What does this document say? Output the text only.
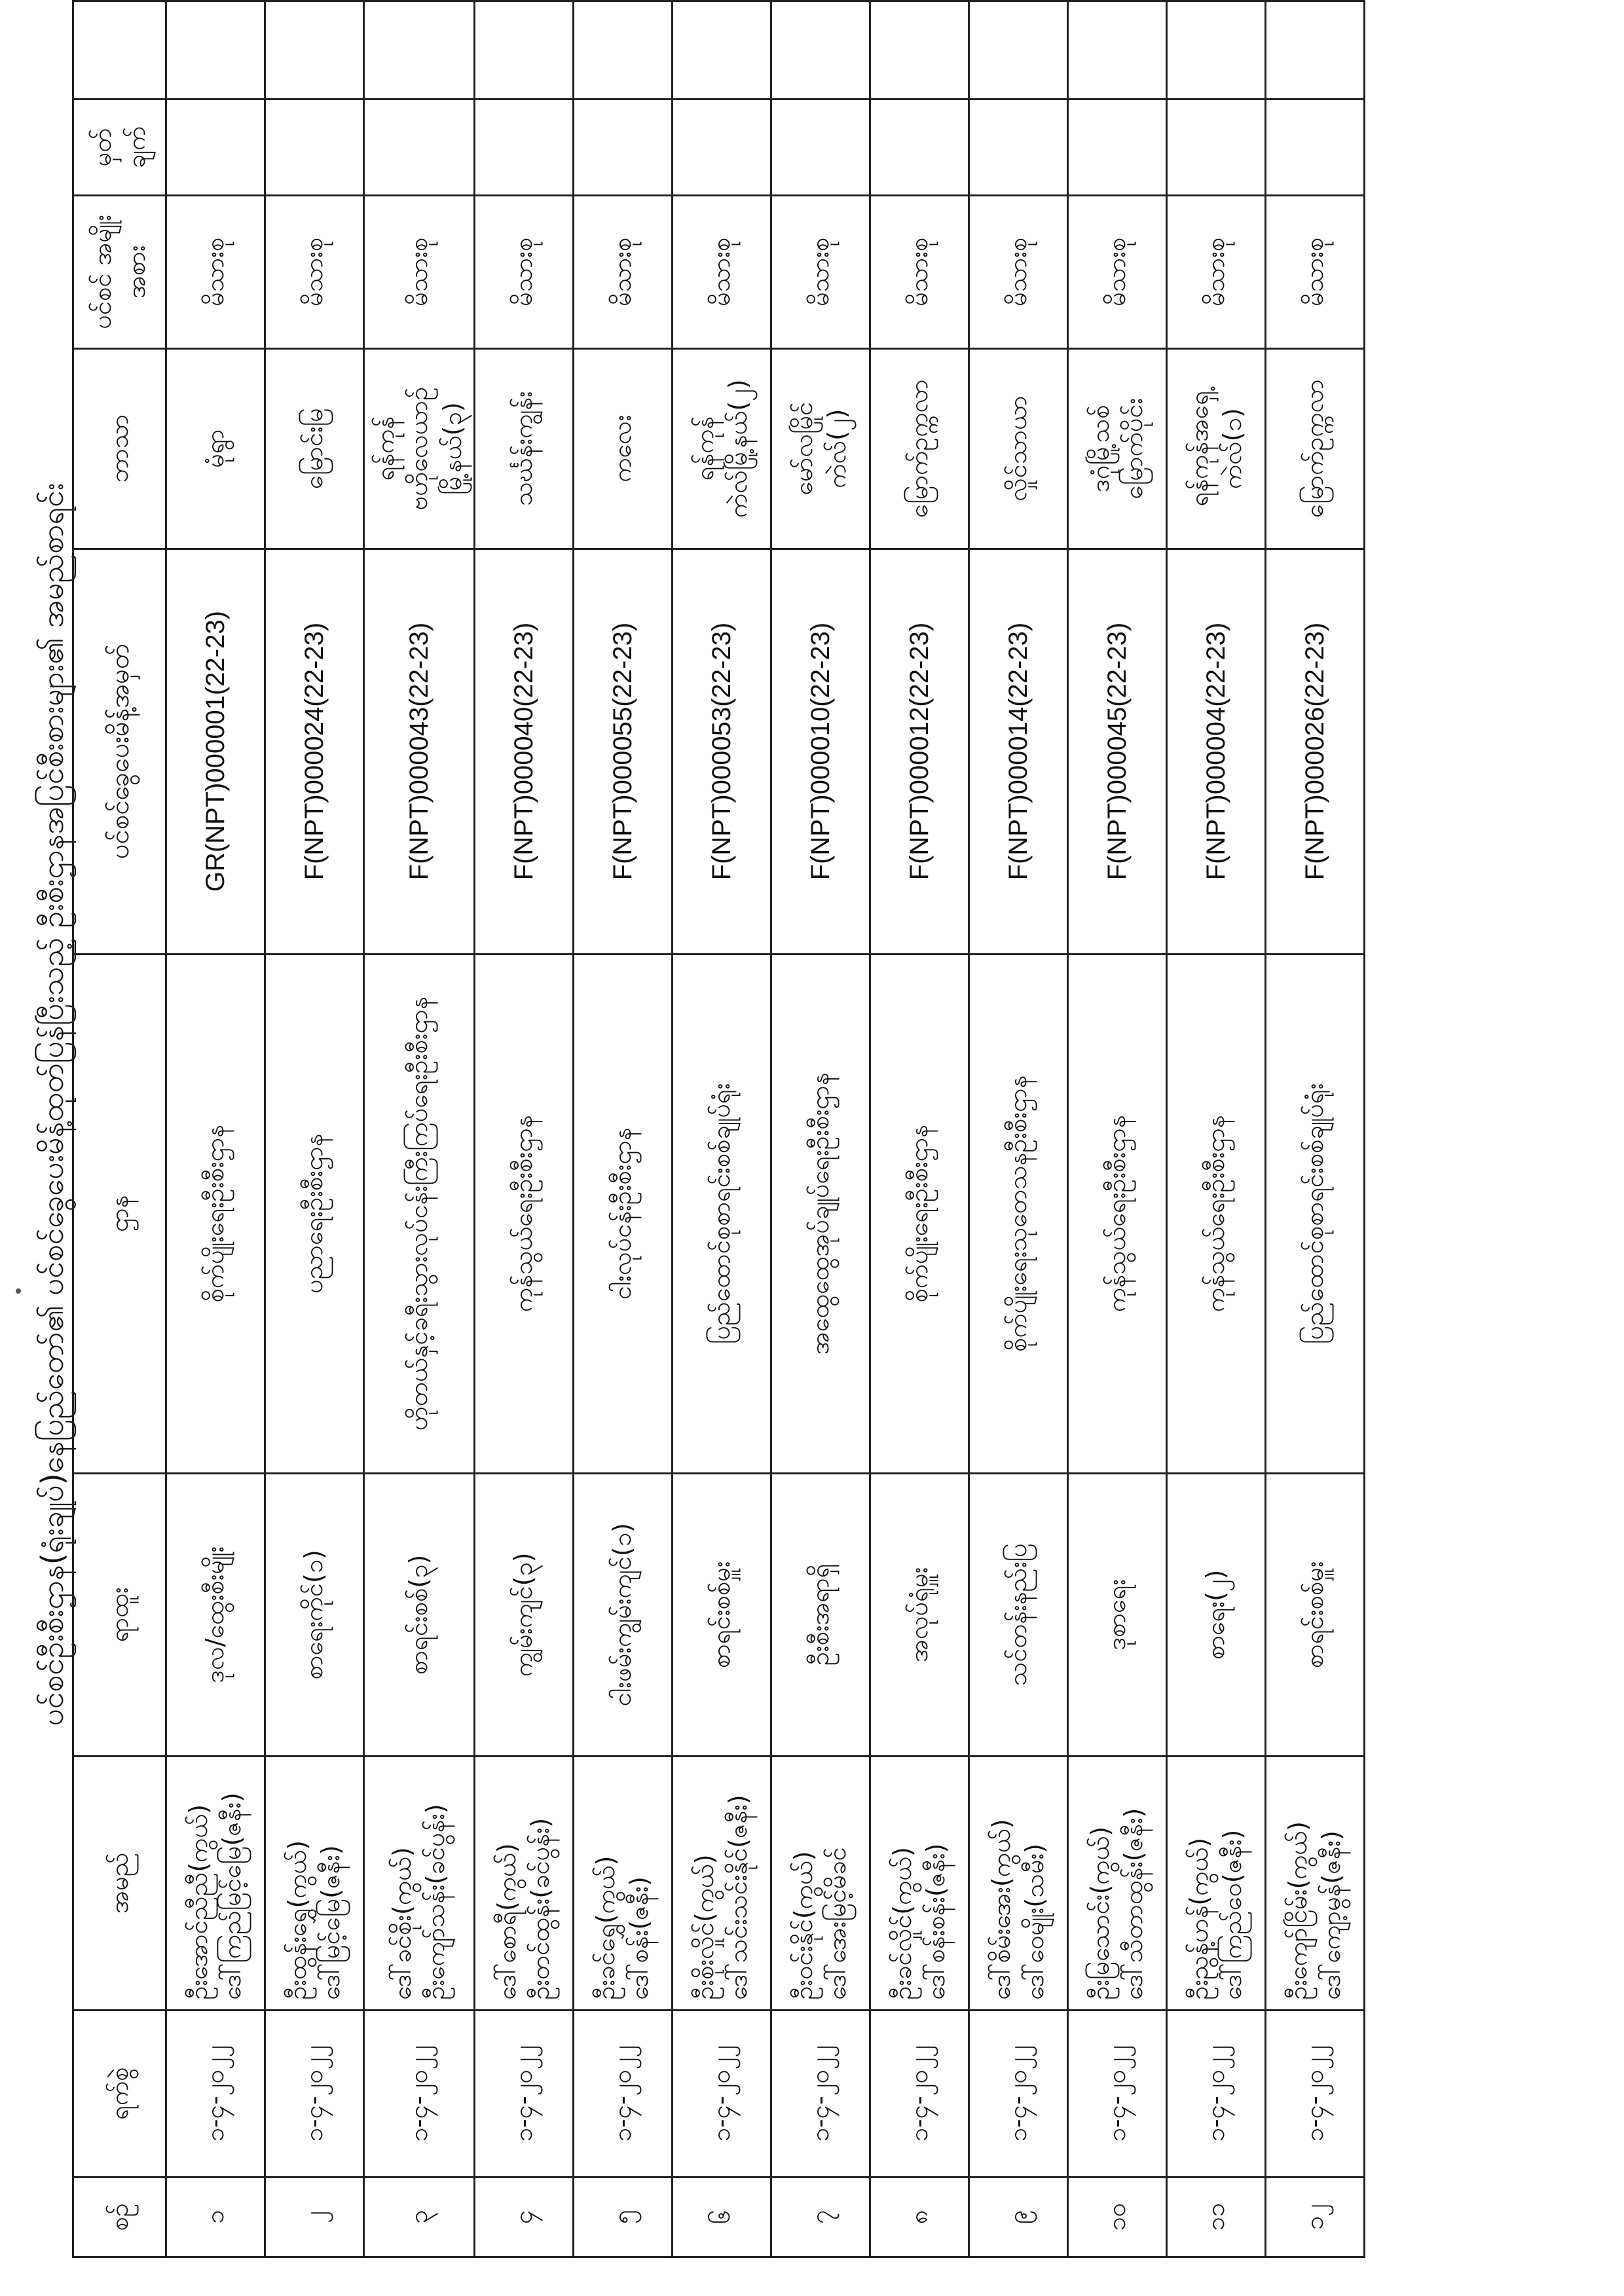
ပင်စင်ဦးစီးဌာန(ရုံးချုပ်)နေပြည်တော်၏ ပင်စင်ခွေပေးမိန့်ထုတ်ပြန်ပြီးသည့် ဦးစီးဌာနအပြင်စီးစားများ၏ အမည်စာရင်း
စဉ်	ရက်စွဲ	အမည်	ရာထူး	ဌာန	ပင်စင်ခွေပေးမိန့်အမှတ်	ဘာသာ	ပင်စင် အမျိုးအစား	မှတ် ချက်	

၁	၁-၄-၂၀၂၂	ဦးအောင်ညီညီ(ကွယ်) ဒေါ်ကြည်မြင့်မြေ(ဇနီး)	ဒုလ/ထွေးစီးမျိုး	စိုက်ပျိုးရေးဦးစီးဌာန	GR(NPT)000001(22-23)	မုံရွာ	မိသားစု		

၂	၁-၄-၂၀၂၂	ဦးထွန်းရွှေ(ကွယ်) ဒေါ်မြင့်မြေ(ဇနီး)	စာရေးကိုင်(၁)	ပညာရေးဦးစီးဌာန	F(NPT)000024(22-23)	မြောင်းမြ	မိသားစု		

၃	၁-၄-၂၀၂၂	ဒေါ်ခင်စိုး(ကွယ်) ဦးကျော်သန်း(ခင်ပွန်း)	စာရင်းစစ်(၃)	ဟိုတယ်နှင့်ခရီးသွားလုပ်ငန်းကြီးကြပ်ရေးဦးစီးဌာန	F(NPT)000043(22-23)	ရန်ကုန် ဗဟိုလေယာဉ် မြို့နယ်(၃)	မိသားစု		

၄	၁-၄-၂၀၂၂	ဒေါ်စောရီ(ကွယ်) ဦးတင်ထွန်း(ခင်ပွန်း)	ကျွမ်းကျင်(၃)	ကုန်သွယ်ရေးဦးစီးဌာန	F(NPT)000040(22-23)	သင်္ဃန်းကျွန်း	မိသားစု		

၅	၁-၄-၂၀၂၂	ဦးခင်ရွှေ(ကွယ်) ဒေါ်စန်း(ဇနီး)	ငါးဖမ်းကျွမ်းကျင်(၁)	ငါးလုပ်ငန်းဦးစီးဌာန	F(NPT)000055(22-23)	ကလေး	မိသားစု		

၆	၁-၄-၂၀၂၂	ဦးစိုးလှိုင်(ကွယ်) ဒေါ်သင်းသင်းနိုင်(ဇနီး)	စာရင်းစစ်မှူး	ပြည်ထောင်စုစာရင်းစစ်ချုပ်ရုံး	F(NPT)000053(22-23)	ရန်ကုန် ကဲလ်မြို့နယ်(၂)	မိသားစု		

၇	၁-၄-၂၀၂၂	ဦးဝင်းနိုင်(ကွယ်) ဒေါ်အေးမြင့်မိခင်	ဦးစီးအရာရှိ	အထွေထွေအုပ်ချုပ်ရေးဦးစီးဌာန	F(NPT)000010(22-23)	မော်လမြိုင် ကဲလ်(၂)	မိသားစု		

၈	၁-၄-၂၀၂၂	ဦးခင်လှိုင်(ကွယ်) ဒေါ်စန်းစန်း(ဇနီး)	အလုပ်ရုံမှူး	စိုက်ပျိုးရေးဦးစီးဌာန	F(NPT)000012(22-23)	မြောက်ဥက္ကလာ	မိသားစု		

၉	၁-၄-၂၀၂၂	ဒေါ်စိမ်းအေး(ကွယ်) ဒေါ်ဝေမျိုး(သမီး)	သင်တန်းနည်းပြ	စိုက်ပျိုးရေးသုတေသနဦးစီးဌာန	F(NPT)000014(22-23)	လှိုင်သာယာ	မိသားစု		

၁၀	၁-၄-၂၀၂၂	ဦးမြသောင်း(ကွယ်) ဒေါ်သီတာထွန်း(ဇနီး)	ဒုစာရေး	ကုန်သွယ်ရေးဦးစီးဌာန	F(NPT)000045(22-23)	ဒဂုံမြို့သစ် မြောက်ပိုင်း	မိသားစု		

၁၁	၁-၄-၂၀၂၂	ဦးညွန့်ဟန်(ကွယ်) ဒေါ်ကြည်ဝေ(ဇနီး)	စာရေး(၂)	ကုန်သွယ်ရေးဦးစီးဌာန	F(NPT)000004(22-23)	ရန်ကုန်အရှေ့ ကဲလ်(၁)	မိသားစု		

၁၂	၁-၄-၂၀၂၂	ဦးကျော်ငြိမ်း(ကွယ်) ဒေါ်ကျော့မွန်(ဇနီး)	စာရင်းစစ်မှူး	ပြည်ထောင်စုစာရင်းစစ်ချုပ်ရုံး	F(NPT)000026(22-23)	မြောက်ဥက္ကလာ	မိသားစု		
